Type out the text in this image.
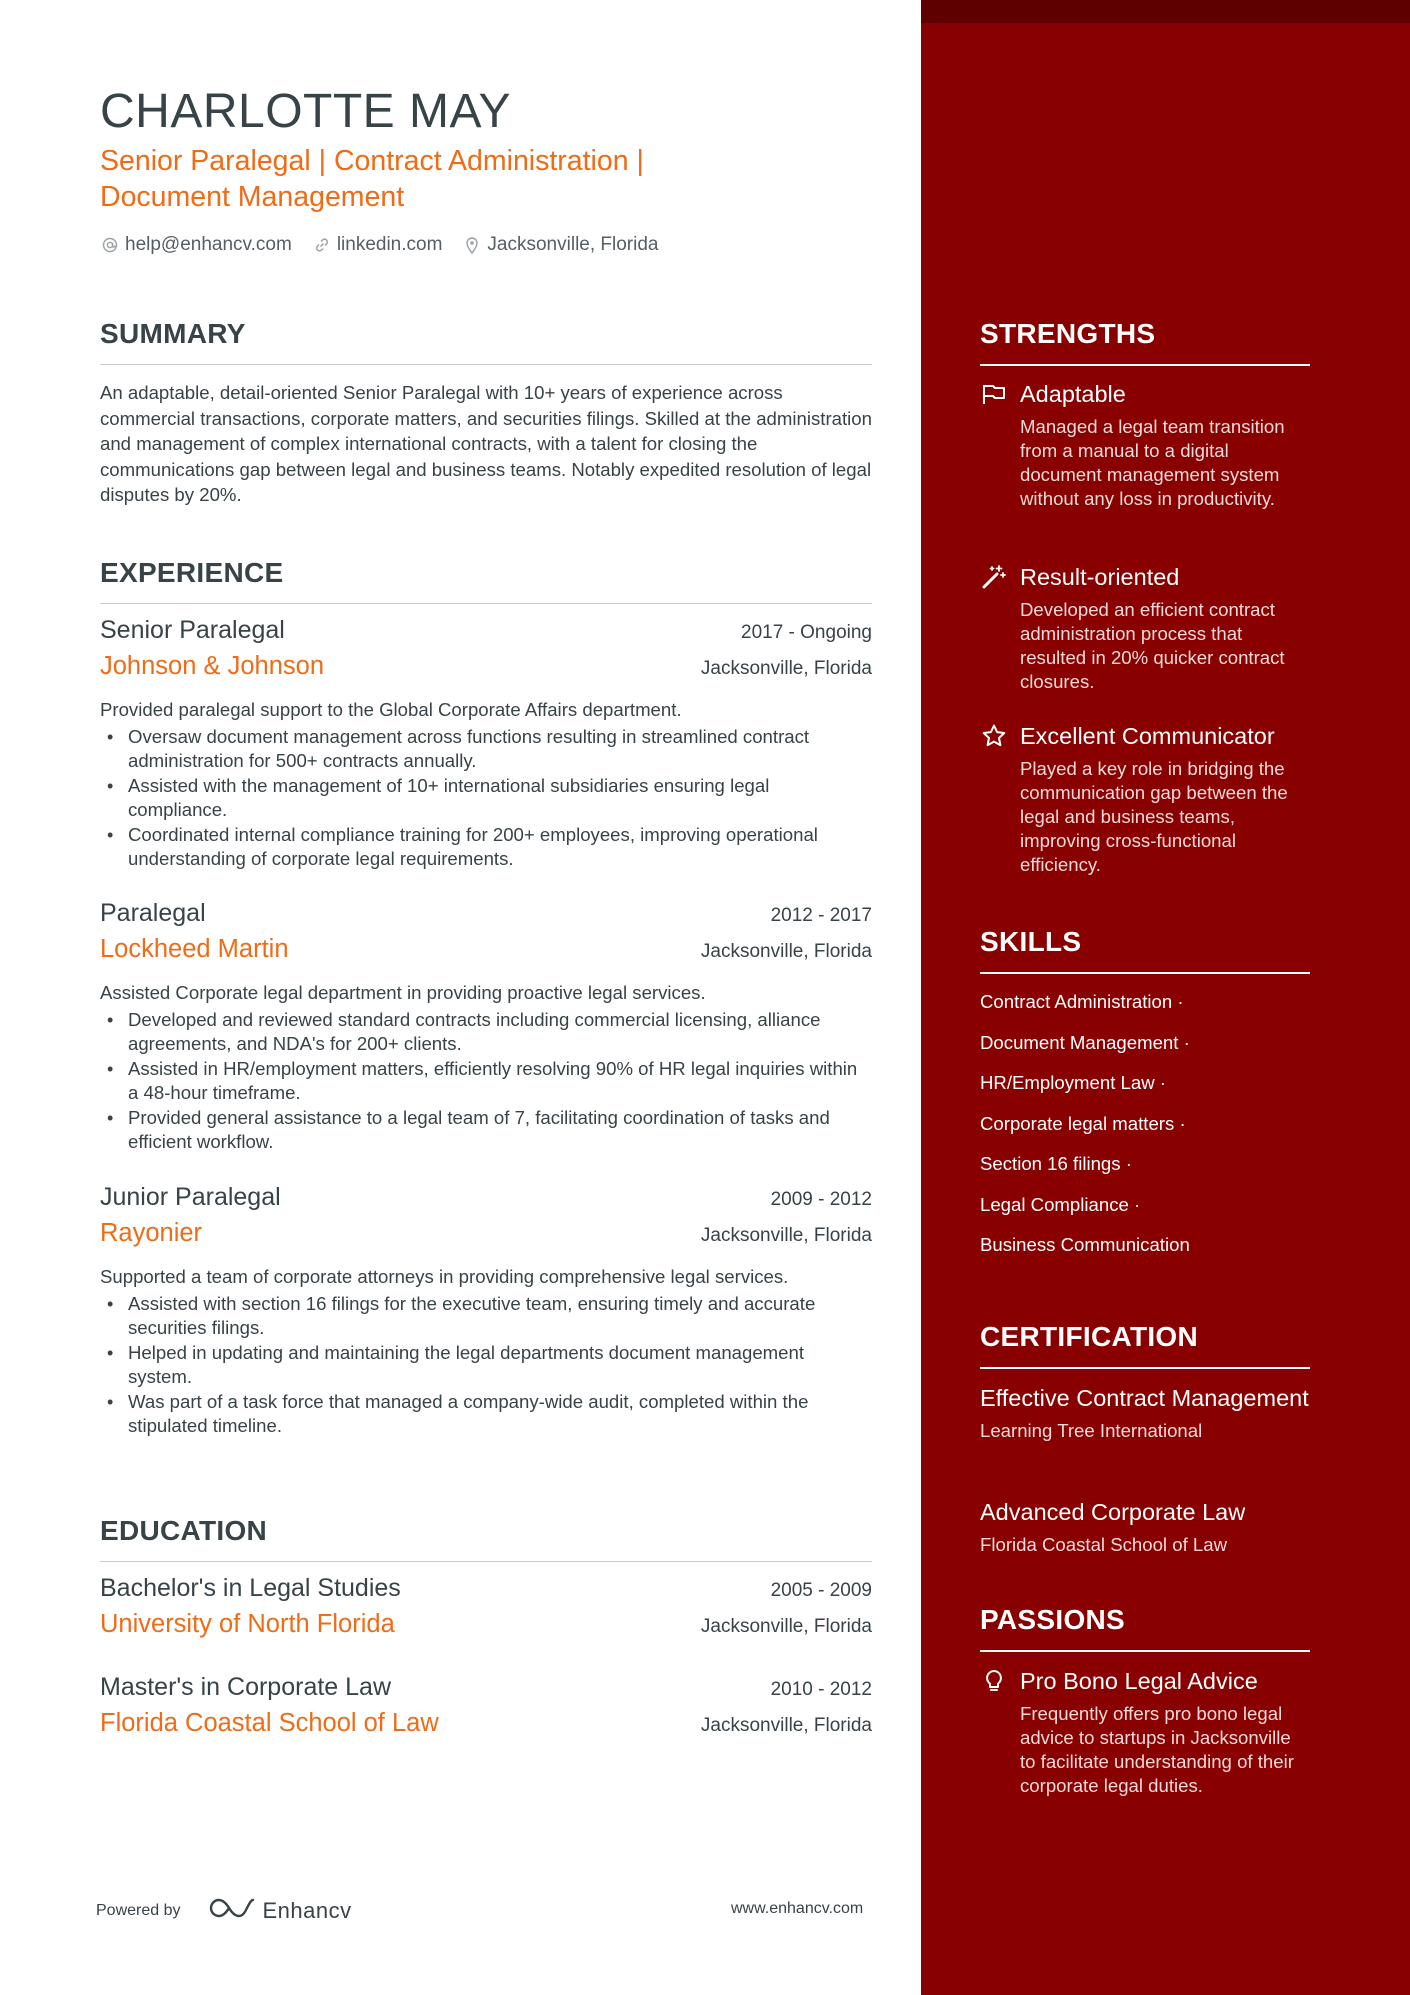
CHARLOTTE MAY
Senior Paralegal | Contract Administration | Document Management
help@enhancv.com linkedin.com Jacksonville, Florida
SUMMARY

An adaptable, detail-oriented Senior Paralegal with 10+ years of experience across commercial transactions, corporate matters, and securities filings. Skilled at the administration and management of complex international contracts, with a talent for closing the communications gap between legal and business teams. Notably expedited resolution of legal disputes by 20%.

EXPERIENCE
Senior Paralegal	2017 - Ongoing
Johnson & Johnson	Jacksonville, Florida

Provided paralegal support to the Global Corporate Affairs department.

• Oversaw document management across functions resulting in streamlined contract administration for 500+ contracts annually.
• Assisted with the management of 10+ international subsidiaries ensuring legal compliance.
• Coordinated internal compliance training for 200+ employees, improving operational understanding of corporate legal requirements.
Paralegal	2012 - 2017
Lockheed Martin	Jacksonville, Florida

Assisted Corporate legal department in providing proactive legal services.

• Developed and reviewed standard contracts including commercial licensing, alliance agreements, and NDA's for 200+ clients.
• Assisted in HR/employment matters, efficiently resolving 90% of HR legal inquiries within a 48-hour timeframe.
• Provided general assistance to a legal team of 7, facilitating coordination of tasks and efficient workflow.
Junior Paralegal	2009 - 2012
Rayonier	Jacksonville, Florida

Supported a team of corporate attorneys in providing comprehensive legal services.

• Assisted with section 16 filings for the executive team, ensuring timely and accurate securities filings.
• Helped in updating and maintaining the legal departments document management system.
• Was part of a task force that managed a company-wide audit, completed within the stipulated timeline.
EDUCATION
Bachelor's in Legal Studies	2005 - 2009
University of North Florida	Jacksonville, Florida
Master's in Corporate Law	2010 - 2012
Florida Coastal School of Law	Jacksonville, Florida
Powered by	Enhancv	www.enhancv.com
STRENGTHS
Adaptable

Managed a legal team transition from a manual to a digital document management system without any loss in productivity.

Result-oriented

Developed an efficient contract administration process that resulted in 20% quicker contract closures.

Excellent Communicator

Played a key role in bridging the communication gap between the legal and business teams, improving cross-functional efficiency.

SKILLS
Contract Administration ·
Document Management ·
HR/Employment Law ·
Corporate legal matters ·
Section 16 filings ·
Legal Compliance ·
Business Communication
CERTIFICATION
Effective Contract Management
Learning Tree International
Advanced Corporate Law
Florida Coastal School of Law
PASSIONS
Pro Bono Legal Advice

Frequently offers pro bono legal advice to startups in Jacksonville to facilitate understanding of their corporate legal duties.
